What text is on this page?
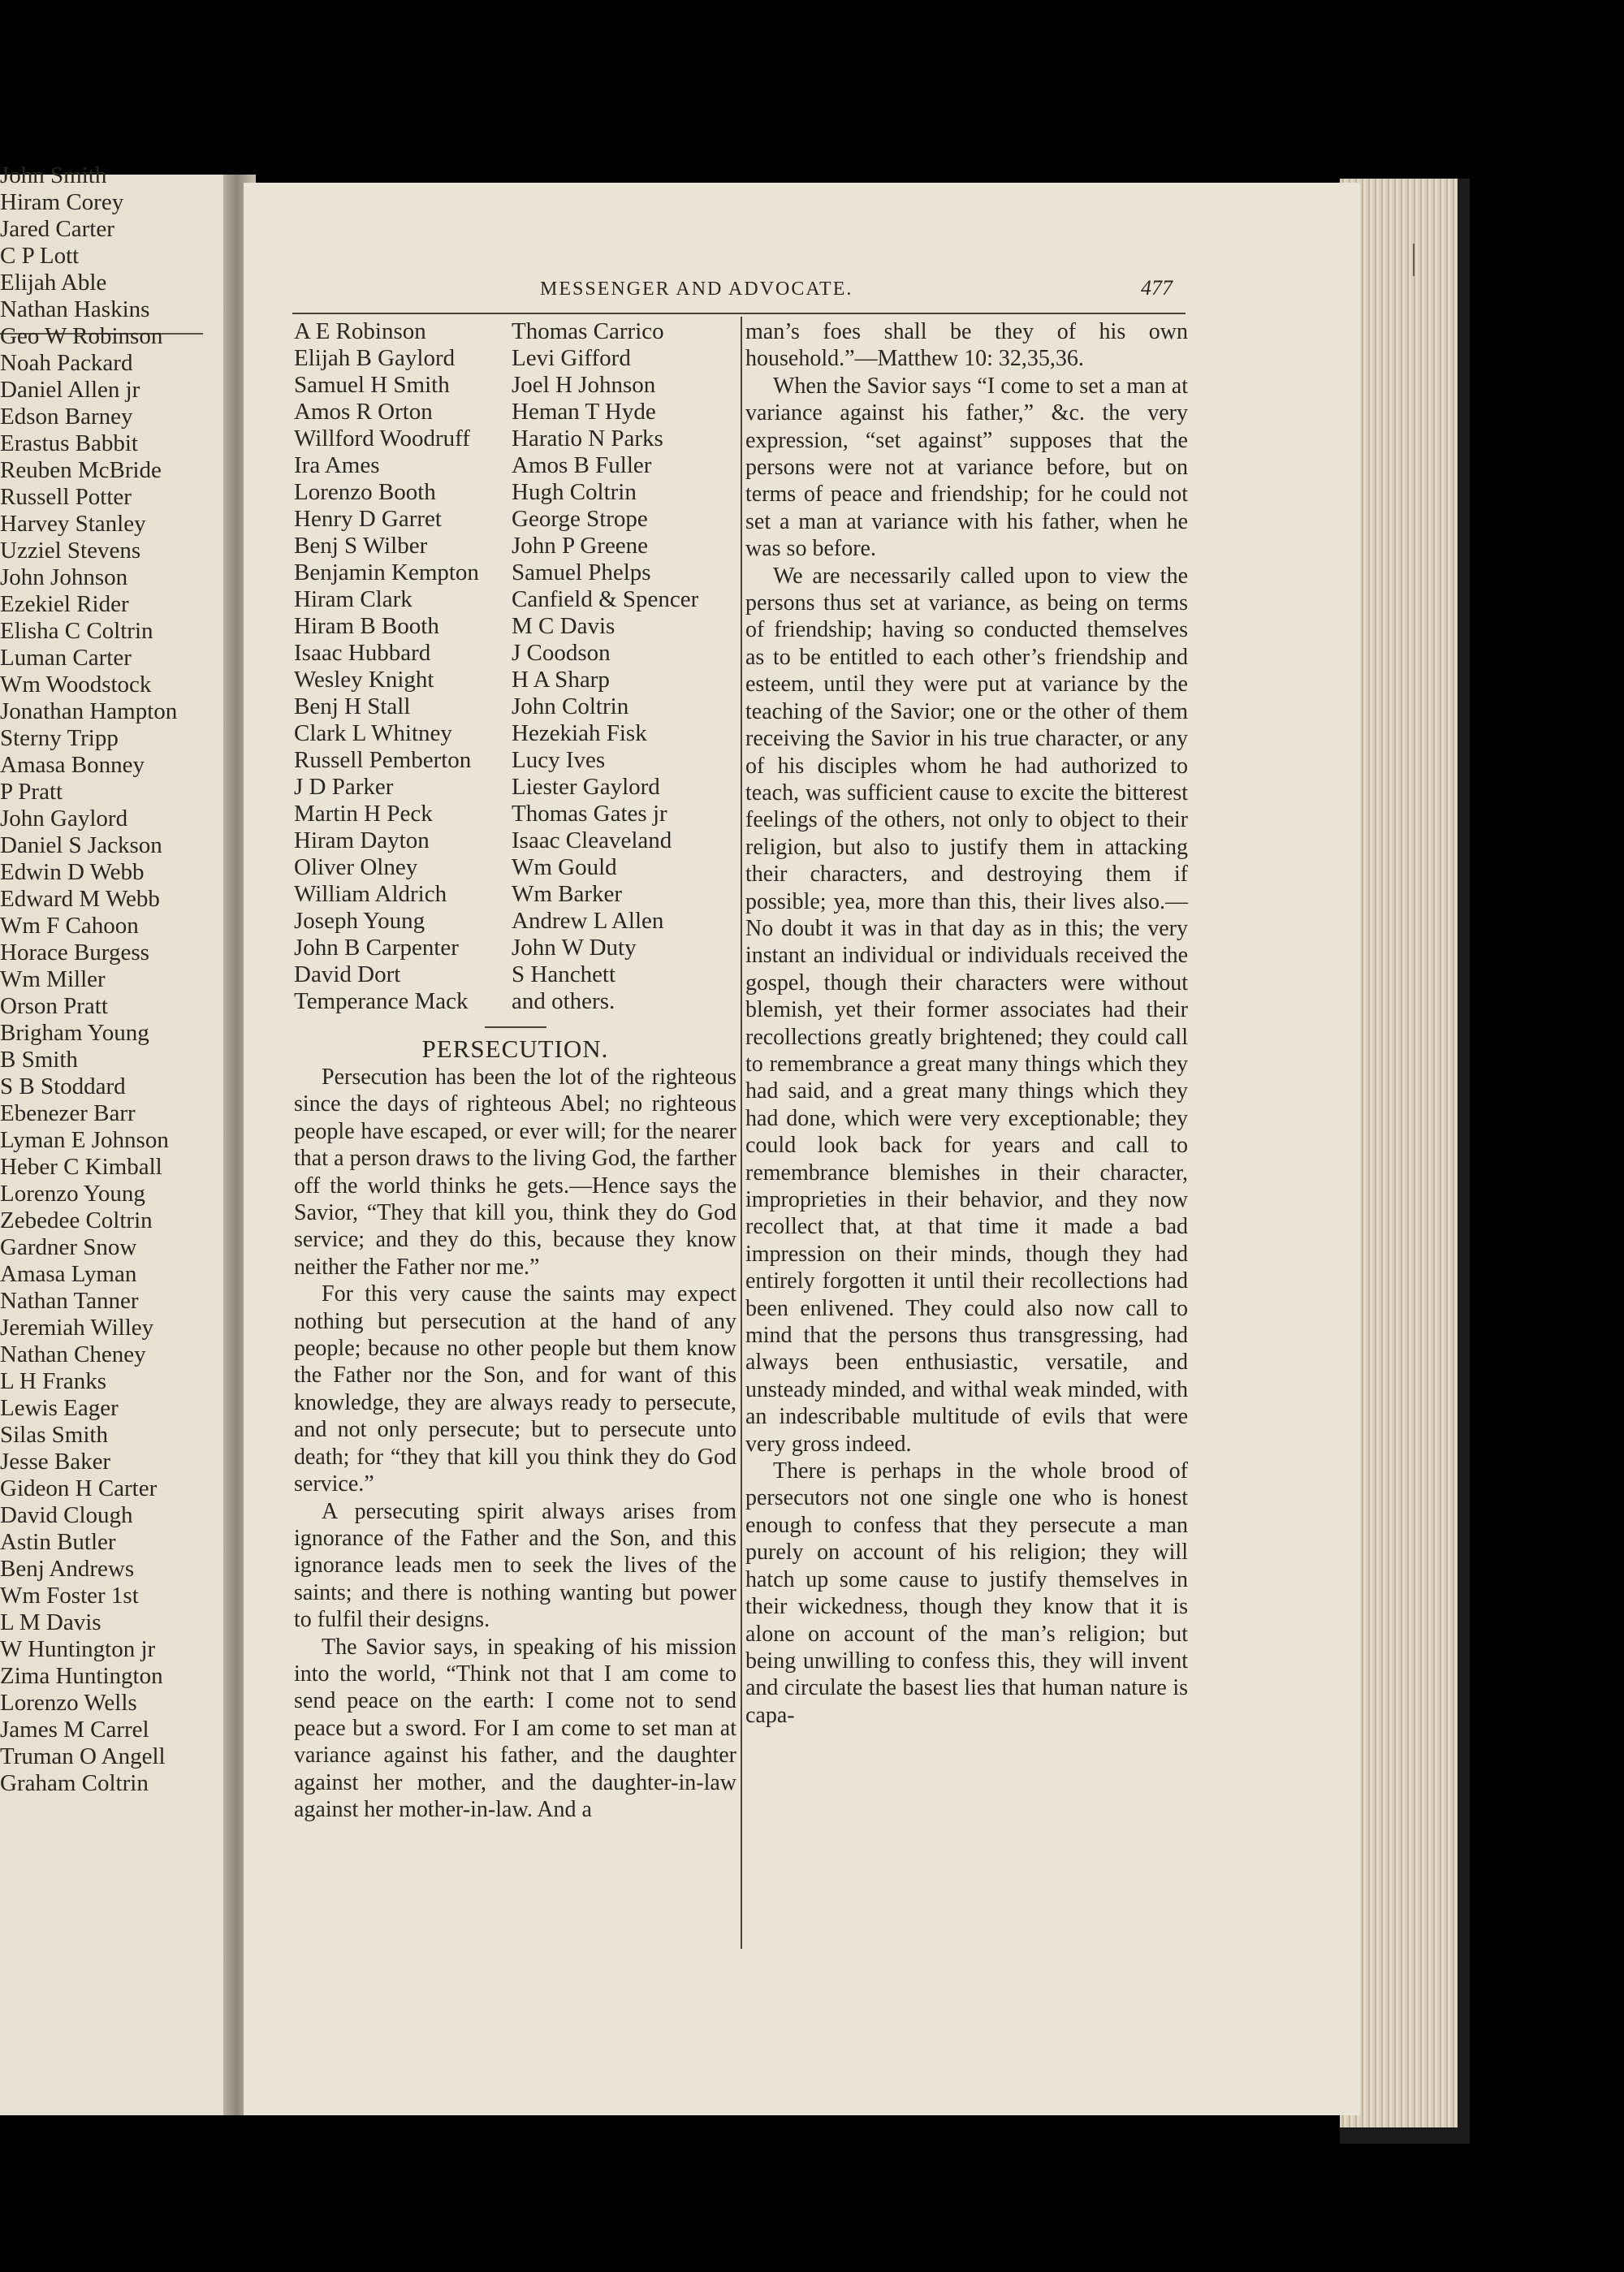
John Smith
Hiram Corey
Jared Carter
C P Lott
Elijah Able
Nathan Haskins
Geo W Robinson
Noah Packard
Daniel Allen jr
Edson Barney
Erastus Babbit
Reuben McBride
Russell Potter
Harvey Stanley
Uzziel Stevens
John Johnson
Ezekiel Rider
Elisha C Coltrin
Luman Carter
Wm Woodstock
Jonathan Hampton
Sterny Tripp
Amasa Bonney
P Pratt
John Gaylord
Daniel S Jackson
Edwin D Webb
Edward M Webb
Wm F Cahoon
Horace Burgess
Wm Miller
Orson Pratt
Brigham Young
B Smith
S B Stoddard
Ebenezer Barr
Lyman E Johnson
Heber C Kimball
Lorenzo Young
Zebedee Coltrin
Gardner Snow
Amasa Lyman
Nathan Tanner
Jeremiah Willey
Nathan Cheney
L H Franks
Lewis Eager
Silas Smith
Jesse Baker
Gideon H Carter
David Clough
Astin Butler
Benj Andrews
Wm Foster 1st
L M Davis
W Huntington jr
Zima Huntington
Lorenzo Wells
James M Carrel
Truman O Angell
Graham Coltrin
MESSENGER AND ADVOCATE.	477
A E Robinson	Thomas Carrico
Elijah B Gaylord	Levi Gifford
Samuel H Smith	Joel H Johnson
Amos R Orton	Heman T Hyde
Willford Woodruff	Haratio N Parks
Ira Ames	Amos B Fuller
Lorenzo Booth	Hugh Coltrin
Henry D Garret	George Strope
Benj S Wilber	John P Greene
Benjamin Kempton	Samuel Phelps
Hiram Clark	Canfield & Spencer
Hiram B Booth	M C Davis
Isaac Hubbard	J Coodson
Wesley Knight	H A Sharp
Benj H Stall	John Coltrin
Clark L Whitney	Hezekiah Fisk
Russell Pemberton	Lucy Ives
J D Parker	Liester Gaylord
Martin H Peck	Thomas Gates jr
Hiram Dayton	Isaac Cleaveland
Oliver Olney	Wm Gould
William Aldrich	Wm Barker
Joseph Young	Andrew L Allen
John B Carpenter	John W Duty
David Dort	S Hanchett
Temperance Mack	and others.
PERSECUTION.

Persecution has been the lot of the righteous since the days of righteous Abel; no righteous people have escaped, or ever will; for the nearer that a person draws to the living God, the farther off the world thinks he gets.—Hence says the Savior, “They that kill you, think they do God service; and they do this, because they know neither the Father nor me.”

For this very cause the saints may expect nothing but persecution at the hand of any people; because no other people but them know the Father nor the Son, and for want of this knowledge, they are always ready to persecute, and not only persecute; but to persecute unto death; for “they that kill you think they do God service.”

A persecuting spirit always arises from ignorance of the Father and the Son, and this ignorance leads men to seek the lives of the saints; and there is nothing wanting but power to fulfil their designs.

The Savior says, in speaking of his mission into the world, “Think not that I am come to send peace on the earth: I come not to send peace but a sword. For I am come to set man at variance against his father, and the daughter against her mother, and the daughter-in-law against her mother-in-law. And a

man’s foes shall be they of his own household.”—Matthew 10: 32,35,36.

When the Savior says “I come to set a man at variance against his father,” &c. the very expression, “set against” supposes that the persons were not at variance before, but on terms of peace and friendship; for he could not set a man at variance with his father, when he was so before.

We are necessarily called upon to view the persons thus set at variance, as being on terms of friendship; having so conducted themselves as to be entitled to each other’s friendship and esteem, until they were put at variance by the teaching of the Savior; one or the other of them receiving the Savior in his true character, or any of his disciples whom he had authorized to teach, was sufficient cause to excite the bitterest feelings of the others, not only to object to their religion, but also to justify them in attacking their characters, and destroying them if possible; yea, more than this, their lives also.—No doubt it was in that day as in this; the very instant an individual or individuals received the gospel, though their characters were without blemish, yet their former associates had their recollections greatly brightened; they could call to remembrance a great many things which they had said, and a great many things which they had done, which were very exceptionable; they could look back for years and call to remembrance blemishes in their character, improprieties in their behavior, and they now recollect that, at that time it made a bad impression on their minds, though they had entirely forgotten it until their recollections had been enlivened. They could also now call to mind that the persons thus transgressing, had always been enthusiastic, versatile, and unsteady minded, and withal weak minded, with an indescribable multitude of evils that were very gross indeed.

There is perhaps in the whole brood of persecutors not one single one who is honest enough to confess that they persecute a man purely on account of his religion; they will hatch up some cause to justify themselves in their wickedness, though they know that it is alone on account of the man’s religion; but being unwilling to confess this, they will invent and circulate the basest lies that human nature is capa-
